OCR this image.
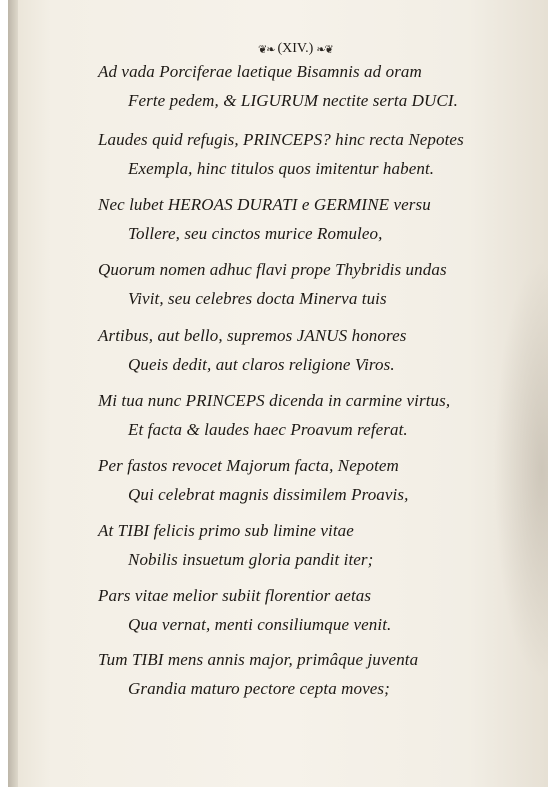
❦❧ (XIV.) ❧❦
Ad vada Porciferae laetique Bisamnis ad oram
Ferte pedem, & LIGURUM nectite serta DUCI.
Laudes quid refugis, PRINCEPS? hinc recta Nepotes
Exempla, hinc titulos quos imitentur habent.
Nec lubet HEROAS DURATI e GERMINE versu
Tollere, seu cinctos murice Romuleo,
Quorum nomen adhuc flavi prope Thybridis undas
Vivit, seu celebres docta Minerva tuis
Artibus, aut bello, supremos JANUS honores
Queis dedit, aut claros religione Viros.
Mi tua nunc PRINCEPS dicenda in carmine virtus,
Et facta & laudes haec Proavum referat.
Per fastos revocet Majorum facta, Nepotem
Qui celebrat magnis dissimilem Proavis,
At TIBI felicis primo sub limine vitae
Nobilis insuetum gloria pandit iter;
Pars vitae melior subiit florentior aetas
Qua vernat, menti consiliumque venit.
Tum TIBI mens annis major, primâque juventa
Grandia maturo pectore cepta moves;
